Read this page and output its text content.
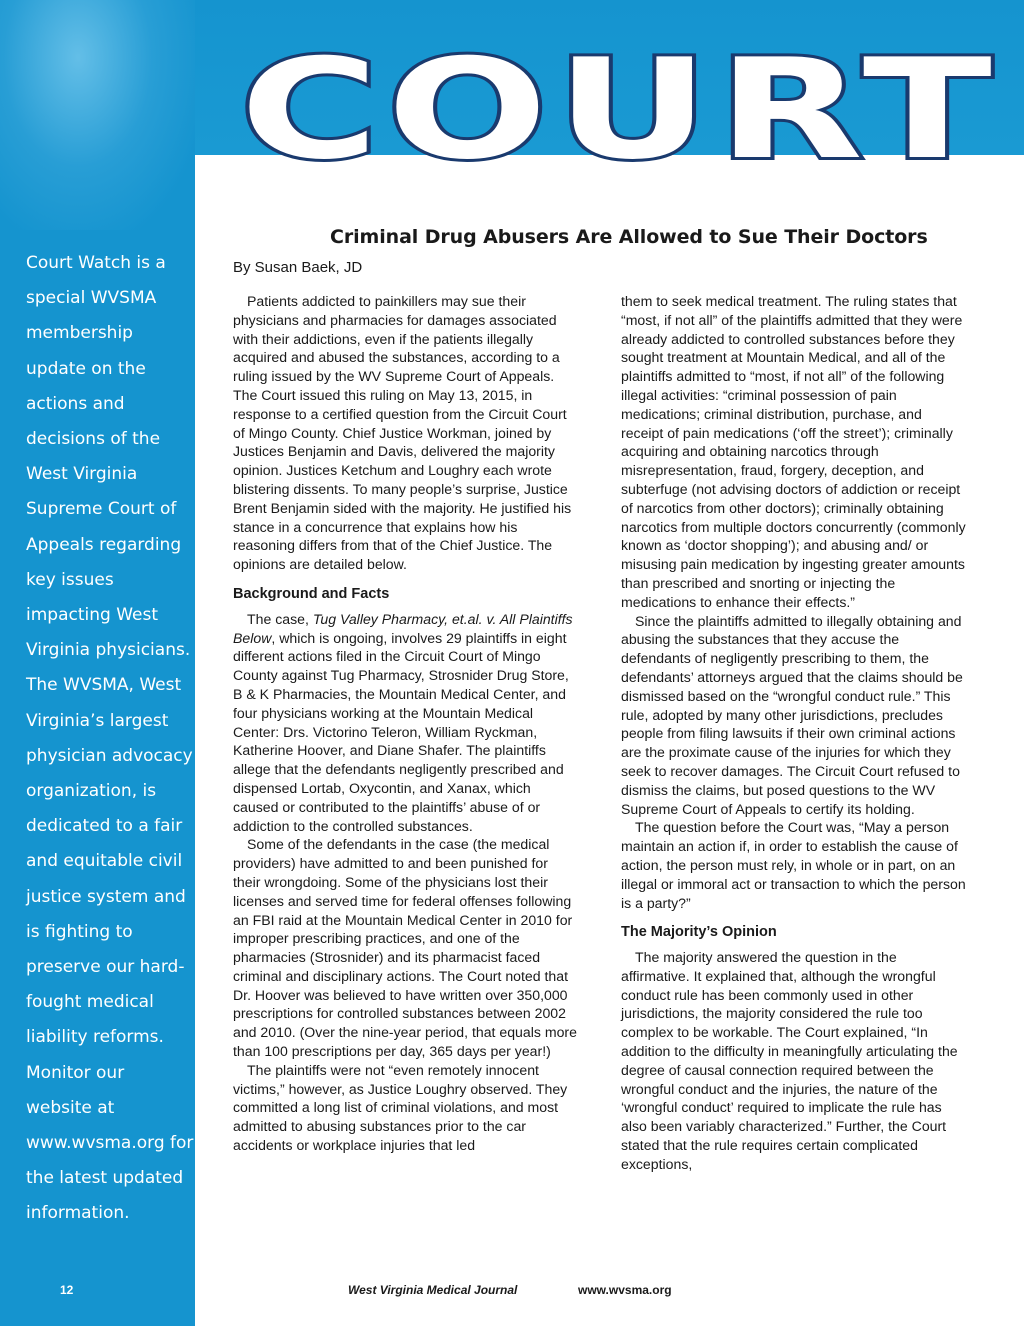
Court Watch is a special WVSMA membership update on the actions and decisions of the West Virginia Supreme Court of Appeals regarding key issues impacting West Virginia physicians. The WVSMA, West Virginia’s largest physician advocacy organization, is dedicated to a fair and equitable civil justice system and is fighting to preserve our hard-fought medical liability reforms. Monitor our website at www.wvsma.org for the latest updated information.

12
COURT
Criminal Drug Abusers Are Allowed to Sue Their Doctors
By Susan Baek, JD

Patients addicted to painkillers may sue their physicians and pharmacies for damages associated with their addictions, even if the patients illegally acquired and abused the substances, according to a ruling issued by the WV Supreme Court of Appeals. The Court issued this ruling on May 13, 2015, in response to a certified question from the Circuit Court of Mingo County. Chief Justice Workman, joined by Justices Benjamin and Davis, delivered the majority opinion. Justices Ketchum and Loughry each wrote blistering dissents. To many people’s surprise, Justice Brent Benjamin sided with the majority. He justified his stance in a concurrence that explains how his reasoning differs from that of the Chief Justice. The opinions are detailed below.

Background and Facts

The case, Tug Valley Pharmacy, et.al. v. All Plaintiffs Below, which is ongoing, involves 29 plaintiffs in eight different actions filed in the Circuit Court of Mingo County against Tug Pharmacy, Strosnider Drug Store, B & K Pharmacies, the Mountain Medical Center, and four physicians working at the Mountain Medical Center: Drs. Victorino Teleron, William Ryckman, Katherine Hoover, and Diane Shafer. The plaintiffs allege that the defendants negligently prescribed and dispensed Lortab, Oxycontin, and Xanax, which caused or contributed to the plaintiffs’ abuse of or addiction to the controlled substances.

Some of the defendants in the case (the medical providers) have admitted to and been punished for their wrongdoing. Some of the physicians lost their licenses and served time for federal offenses following an FBI raid at the Mountain Medical Center in 2010 for improper prescribing practices, and one of the pharmacies (Strosnider) and its pharmacist faced criminal and disciplinary actions. The Court noted that Dr. Hoover was believed to have written over 350,000 prescriptions for controlled substances between 2002 and 2010. (Over the nine-year period, that equals more than 100 prescriptions per day, 365 days per year!)

The plaintiffs were not “even remotely innocent victims,” however, as Justice Loughry observed. They committed a long list of criminal violations, and most admitted to abusing substances prior to the car accidents or workplace injuries that led

them to seek medical treatment. The ruling states that “most, if not all” of the plaintiffs admitted that they were already addicted to controlled substances before they sought treatment at Mountain Medical, and all of the plaintiffs admitted to “most, if not all” of the following illegal activities: “criminal possession of pain medications; criminal distribution, purchase, and receipt of pain medications (‘off the street’); criminally acquiring and obtaining narcotics through misrepresentation, fraud, forgery, deception, and subterfuge (not advising doctors of addiction or receipt of narcotics from other doctors); criminally obtaining narcotics from multiple doctors concurrently (commonly known as ‘doctor shopping’); and abusing and/ or misusing pain medication by ingesting greater amounts than prescribed and snorting or injecting the medications to enhance their effects.”

Since the plaintiffs admitted to illegally obtaining and abusing the substances that they accuse the defendants of negligently prescribing to them, the defendants’ attorneys argued that the claims should be dismissed based on the “wrongful conduct rule.” This rule, adopted by many other jurisdictions, precludes people from filing lawsuits if their own criminal actions are the proximate cause of the injuries for which they seek to recover damages. The Circuit Court refused to dismiss the claims, but posed questions to the WV Supreme Court of Appeals to certify its holding.

The question before the Court was, “May a person maintain an action if, in order to establish the cause of action, the person must rely, in whole or in part, on an illegal or immoral act or transaction to which the person is a party?”

The Majority’s Opinion

The majority answered the question in the affirmative. It explained that, although the wrongful conduct rule has been commonly used in other jurisdictions, the majority considered the rule too complex to be workable. The Court explained, “In addition to the difficulty in meaningfully articulating the degree of causal connection required between the wrongful conduct and the injuries, the nature of the ‘wrongful conduct’ required to implicate the rule has also been variably characterized.” Further, the Court stated that the rule requires certain complicated exceptions,

West Virginia Medical Journal	www.wvsma.org
